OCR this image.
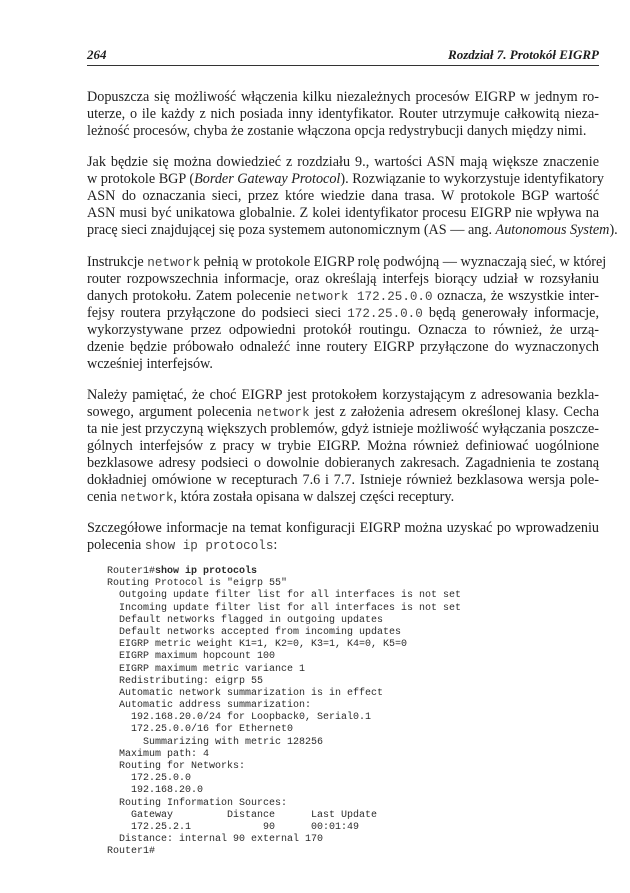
264	Rozdział 7. Protokół EIGRP
Dopuszcza się możliwość włączenia kilku niezależnych procesów EIGRP w jednym ro-
uterze, o ile każdy z nich posiada inny identyfikator. Router utrzymuje całkowitą nieza-
leżność procesów, chyba że zostanie włączona opcja redystrybucji danych między nimi.
Jak będzie się można dowiedzieć z rozdziału 9., wartości ASN mają większe znaczenie
w protokole BGP (Border Gateway Protocol). Rozwiązanie to wykorzystuje identyfikatory
ASN do oznaczania sieci, przez które wiedzie dana trasa. W protokole BGP wartość
ASN musi być unikatowa globalnie. Z kolei identyfikator procesu EIGRP nie wpływa na
pracę sieci znajdującej się poza systemem autonomicznym (AS — ang. Autonomous System).
Instrukcje network pełnią w protokole EIGRP rolę podwójną — wyznaczają sieć, w której
router rozpowszechnia informacje, oraz określają interfejs biorący udział w rozsyłaniu
danych protokołu. Zatem polecenie network 172.25.0.0 oznacza, że wszystkie inter-
fejsy routera przyłączone do podsieci sieci 172.25.0.0 będą generowały informacje,
wykorzystywane przez odpowiedni protokół routingu. Oznacza to również, że urzą-
dzenie będzie próbowało odnaleźć inne routery EIGRP przyłączone do wyznaczonych
wcześniej interfejsów.
Należy pamiętać, że choć EIGRP jest protokołem korzystającym z adresowania bezkla-
sowego, argument polecenia network jest z założenia adresem określonej klasy. Cecha
ta nie jest przyczyną większych problemów, gdyż istnieje możliwość wyłączania poszcze-
gólnych interfejsów z pracy w trybie EIGRP. Można również definiować uogólnione
bezklasowe adresy podsieci o dowolnie dobieranych zakresach. Zagadnienia te zostaną
dokładniej omówione w recepturach 7.6 i 7.7. Istnieje również bezklasowa wersja pole-
cenia network, która została opisana w dalszej części receptury.
Szczegółowe informacje na temat konfiguracji EIGRP można uzyskać po wprowadzeniu
polecenia show ip protocols:
Router1#show ip protocols
Routing Protocol is "eigrp 55"
Outgoing update filter list for all interfaces is not set
Incoming update filter list for all interfaces is not set
Default networks flagged in outgoing updates
Default networks accepted from incoming updates
EIGRP metric weight K1=1, K2=0, K3=1, K4=0, K5=0
EIGRP maximum hopcount 100
EIGRP maximum metric variance 1
Redistributing: eigrp 55
Automatic network summarization is in effect
Automatic address summarization:
192.168.20.0/24 for Loopback0, Serial0.1
172.25.0.0/16 for Ethernet0
Summarizing with metric 128256
Maximum path: 4
Routing for Networks:
172.25.0.0
192.168.20.0
Routing Information Sources:
Gateway         Distance      Last Update
172.25.2.1            90      00:01:49
Distance: internal 90 external 170
Router1#
